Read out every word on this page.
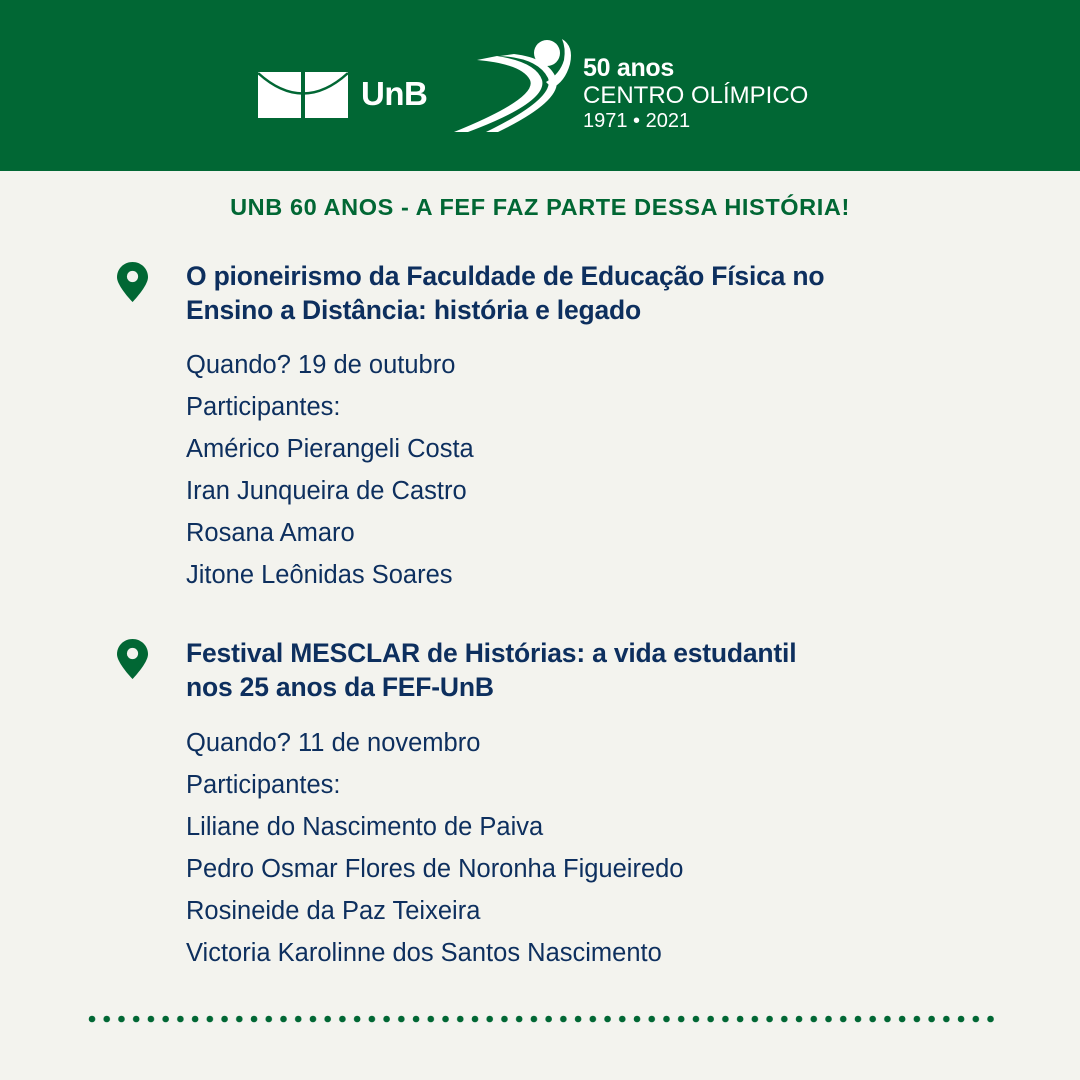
UnB
50 anos
CENTRO OLÍMPICO
1971 • 2021
UNB 60 ANOS - A FEF FAZ PARTE DESSA HISTÓRIA!
O pioneirismo da Faculdade de Educação Física no
Ensino a Distância: história e legado
Quando? 19 de outubro
Participantes:
Américo Pierangeli Costa
Iran Junqueira de Castro
Rosana Amaro
Jitone Leônidas Soares
Festival MESCLAR de Histórias: a vida estudantil
nos 25 anos da FEF-UnB
Quando? 11 de novembro
Participantes:
Liliane do Nascimento de Paiva
Pedro Osmar Flores de Noronha Figueiredo
Rosineide da Paz Teixeira
Victoria Karolinne dos Santos Nascimento
